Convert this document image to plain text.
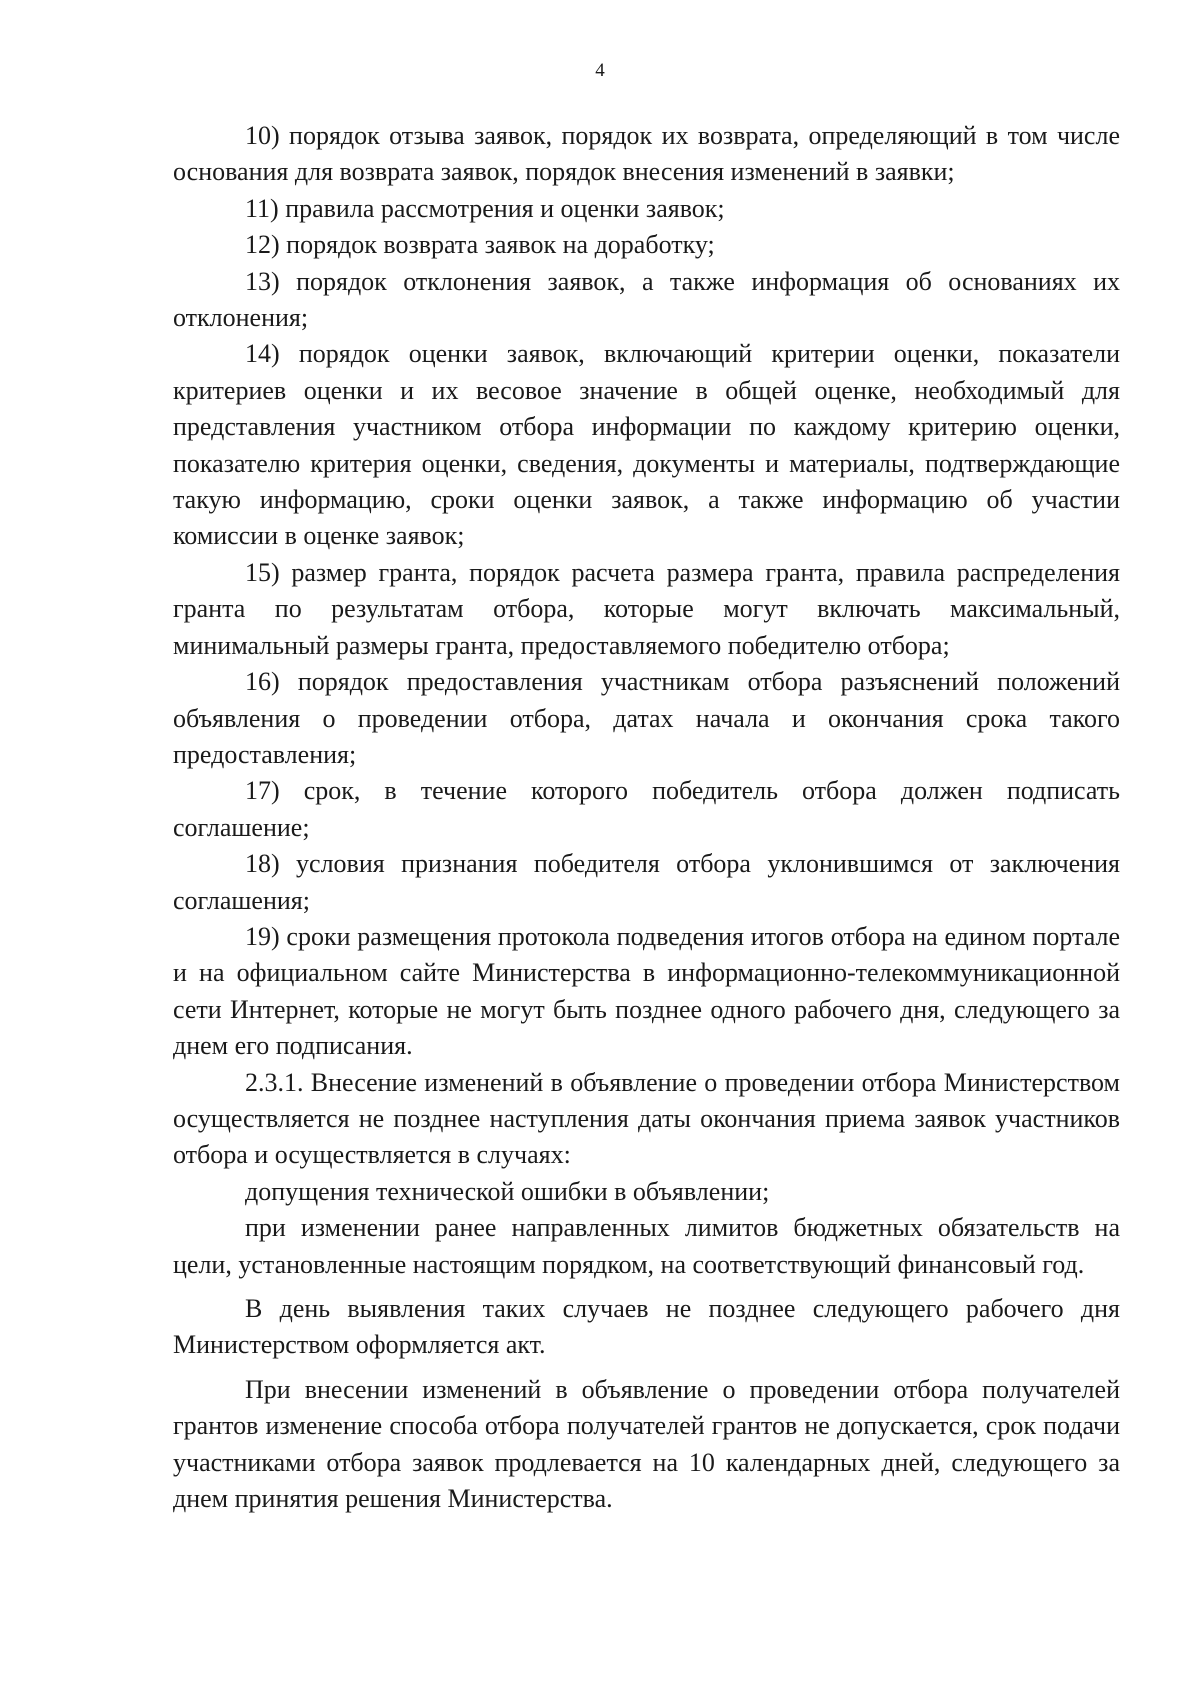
4

10) порядок отзыва заявок, порядок их возврата, определяющий в том числе основания для возврата заявок, порядок внесения изменений в заявки;

11) правила рассмотрения и оценки заявок;

12) порядок возврата заявок на доработку;

13) порядок отклонения заявок, а также информация об основаниях их отклонения;

14) порядок оценки заявок, включающий критерии оценки, показатели критериев оценки и их весовое значение в общей оценке, необходимый для представления участником отбора информации по каждому критерию оценки, показателю критерия оценки, сведения, документы и материалы, подтверждающие такую информацию, сроки оценки заявок, а также информацию об участии комиссии в оценке заявок;

15) размер гранта, порядок расчета размера гранта, правила распределения гранта по результатам отбора, которые могут включать максимальный, минимальный размеры гранта, предоставляемого победителю отбора;

16) порядок предоставления участникам отбора разъяснений положений объявления о проведении отбора, датах начала и окончания срока такого предоставления;

17) срок, в течение которого победитель отбора должен подписать соглашение;

18) условия признания победителя отбора уклонившимся от заключения соглашения;

19) сроки размещения протокола подведения итогов отбора на едином портале и на официальном сайте Министерства в информационно-телекоммуникационной сети Интернет, которые не могут быть позднее одного рабочего дня, следующего за днем его подписания.

2.3.1. Внесение изменений в объявление о проведении отбора Министерством осуществляется не позднее наступления даты окончания приема заявок участников отбора и осуществляется в случаях:

допущения технической ошибки в объявлении;

при изменении ранее направленных лимитов бюджетных обязательств на цели, установленные настоящим порядком, на соответствующий финансовый год.

В день выявления таких случаев не позднее следующего рабочего дня Министерством оформляется акт.

При внесении изменений в объявление о проведении отбора получателей грантов изменение способа отбора получателей грантов не допускается, срок подачи участниками отбора заявок продлевается на 10 календарных дней, следующего за днем принятия решения Министерства.
